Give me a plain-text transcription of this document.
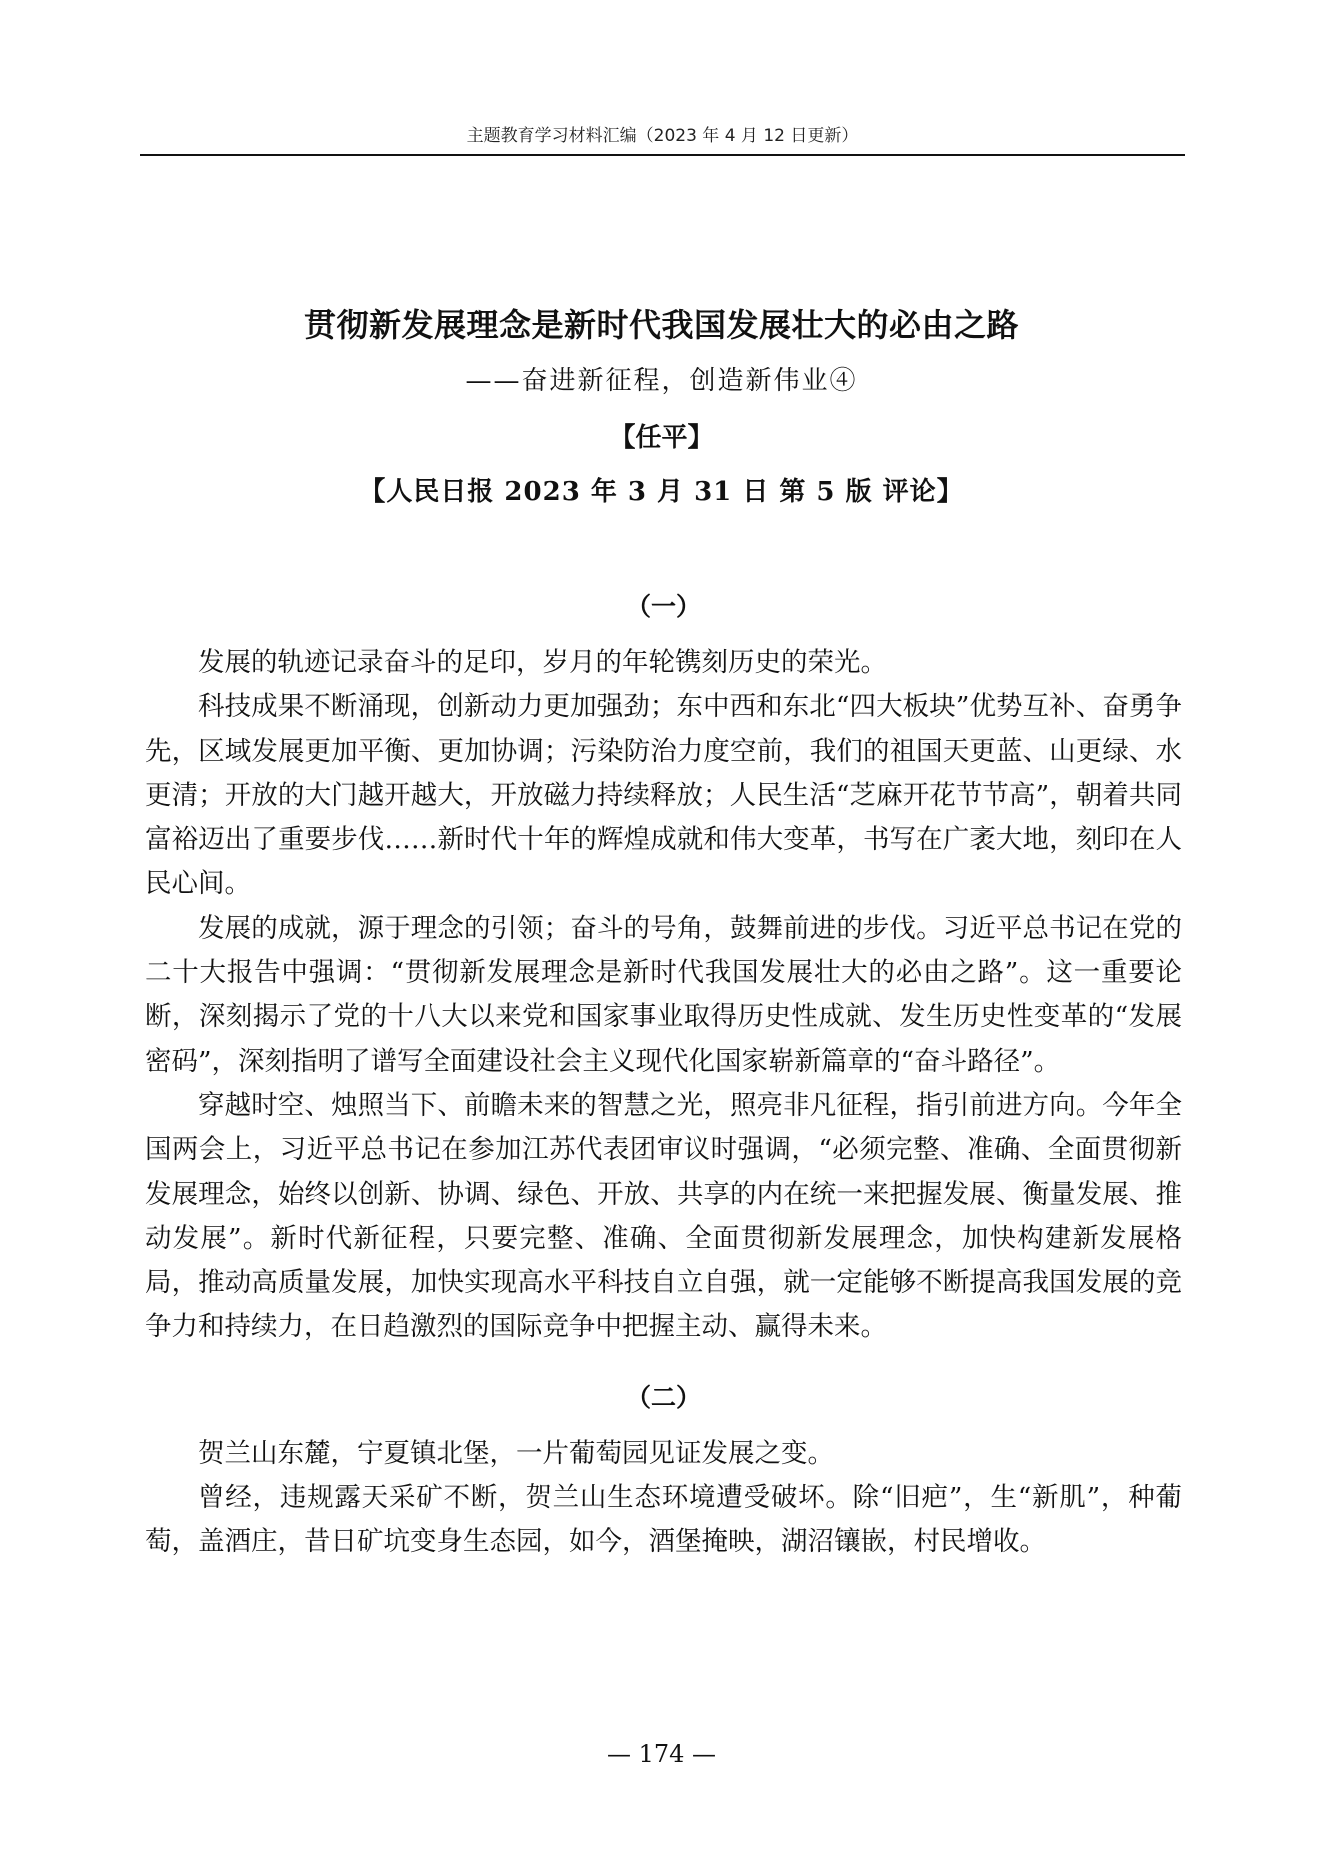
主题教育学习材料汇编（2023 年 4 月 12 日更新）
贯彻新发展理念是新时代我国发展壮大的必由之路
——奋进新征程，创造新伟业④
【任平】
【人民日报 2023 年 3 月 31 日 第 5 版 评论】

（一）

发展的轨迹记录奋斗的足印，岁月的年轮镌刻历史的荣光。

科技成果不断涌现，创新动力更加强劲；东中西和东北“四大板块”优势互补、奋勇争先，区域发展更加平衡、更加协调；污染防治力度空前，我们的祖国天更蓝、山更绿、水更清；开放的大门越开越大，开放磁力持续释放；人民生活“芝麻开花节节高”，朝着共同富裕迈出了重要步伐……新时代十年的辉煌成就和伟大变革，书写在广袤大地，刻印在人民心间。

发展的成就，源于理念的引领；奋斗的号角，鼓舞前进的步伐。习近平总书记在党的二十大报告中强调：“贯彻新发展理念是新时代我国发展壮大的必由之路”。这一重要论断，深刻揭示了党的十八大以来党和国家事业取得历史性成就、发生历史性变革的“发展密码”，深刻指明了谱写全面建设社会主义现代化国家崭新篇章的“奋斗路径”。

穿越时空、烛照当下、前瞻未来的智慧之光，照亮非凡征程，指引前进方向。今年全国两会上，习近平总书记在参加江苏代表团审议时强调，“必须完整、准确、全面贯彻新发展理念，始终以创新、协调、绿色、开放、共享的内在统一来把握发展、衡量发展、推动发展”。新时代新征程，只要完整、准确、全面贯彻新发展理念，加快构建新发展格局，推动高质量发展，加快实现高水平科技自立自强，就一定能够不断提高我国发展的竞争力和持续力，在日趋激烈的国际竞争中把握主动、赢得未来。

（二）

贺兰山东麓，宁夏镇北堡，一片葡萄园见证发展之变。

曾经，违规露天采矿不断，贺兰山生态环境遭受破坏。除“旧疤”，生“新肌”，种葡萄，盖酒庄，昔日矿坑变身生态园，如今，酒堡掩映，湖沼镶嵌，村民增收。

— 174 —
